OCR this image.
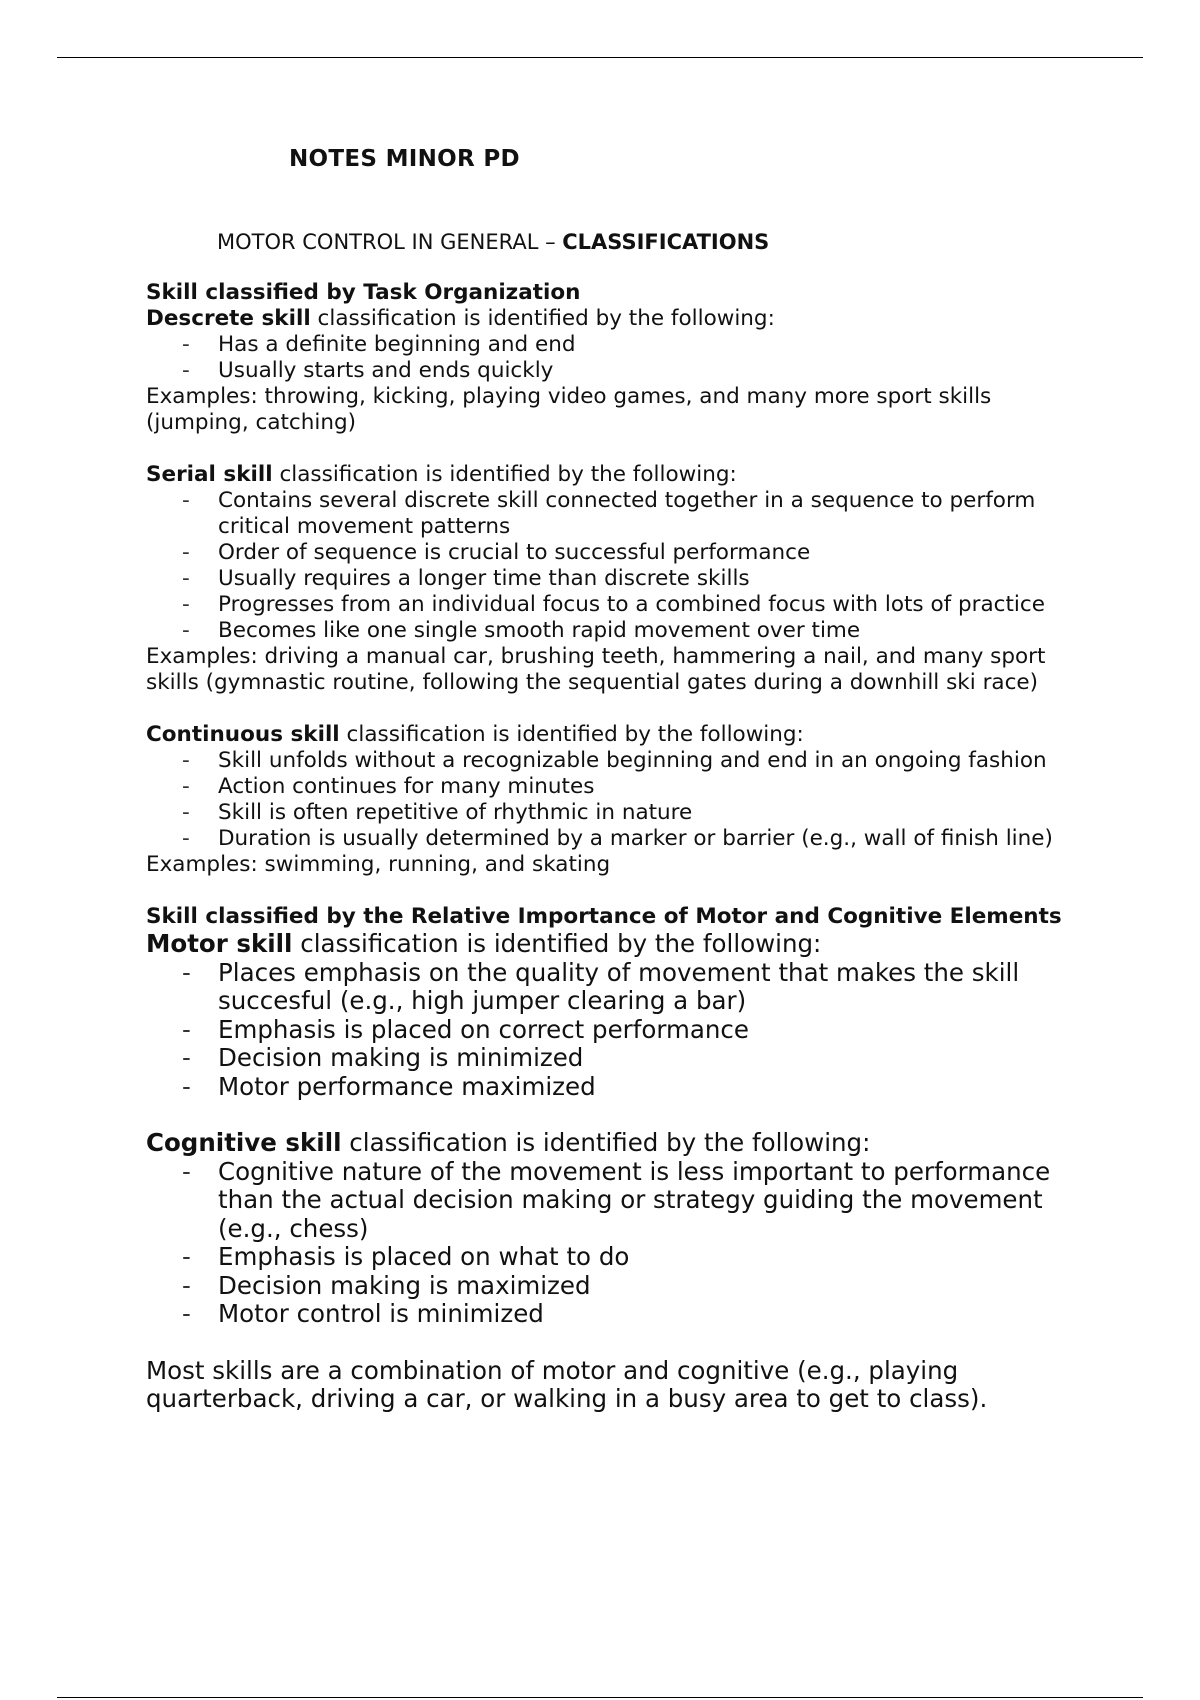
NOTES MINOR PD

MOTOR CONTROL IN GENERAL – CLASSIFICATIONS

Skill classified by Task Organization

Descrete skill classification is identified by the following:

- Has a definite beginning and end
- Usually starts and ends quickly

Examples: throwing, kicking, playing video games, and many more sport skills (jumping, catching)

Serial skill classification is identified by the following:

- Contains several discrete skill connected together in a sequence to perform critical movement patterns
- Order of sequence is crucial to successful performance
- Usually requires a longer time than discrete skills
- Progresses from an individual focus to a combined focus with lots of practice
- Becomes like one single smooth rapid movement over time

Examples: driving a manual car, brushing teeth, hammering a nail, and many sport skills (gymnastic routine, following the sequential gates during a downhill ski race)

Continuous skill classification is identified by the following:

- Skill unfolds without a recognizable beginning and end in an ongoing fashion
- Action continues for many minutes
- Skill is often repetitive of rhythmic in nature
- Duration is usually determined by a marker or barrier (e.g., wall of finish line)

Examples: swimming, running, and skating

Skill classified by the Relative Importance of Motor and Cognitive Elements

Motor skill classification is identified by the following:

- Places emphasis on the quality of movement that makes the skill succesful (e.g., high jumper clearing a bar)
- Emphasis is placed on correct performance
- Decision making is minimized
- Motor performance maximized

Cognitive skill classification is identified by the following:

- Cognitive nature of the movement is less important to performance than the actual decision making or strategy guiding the movement (e.g., chess)
- Emphasis is placed on what to do
- Decision making is maximized
- Motor control is minimized

Most skills are a combination of motor and cognitive (e.g., playing quarterback, driving a car, or walking in a busy area to get to class).
